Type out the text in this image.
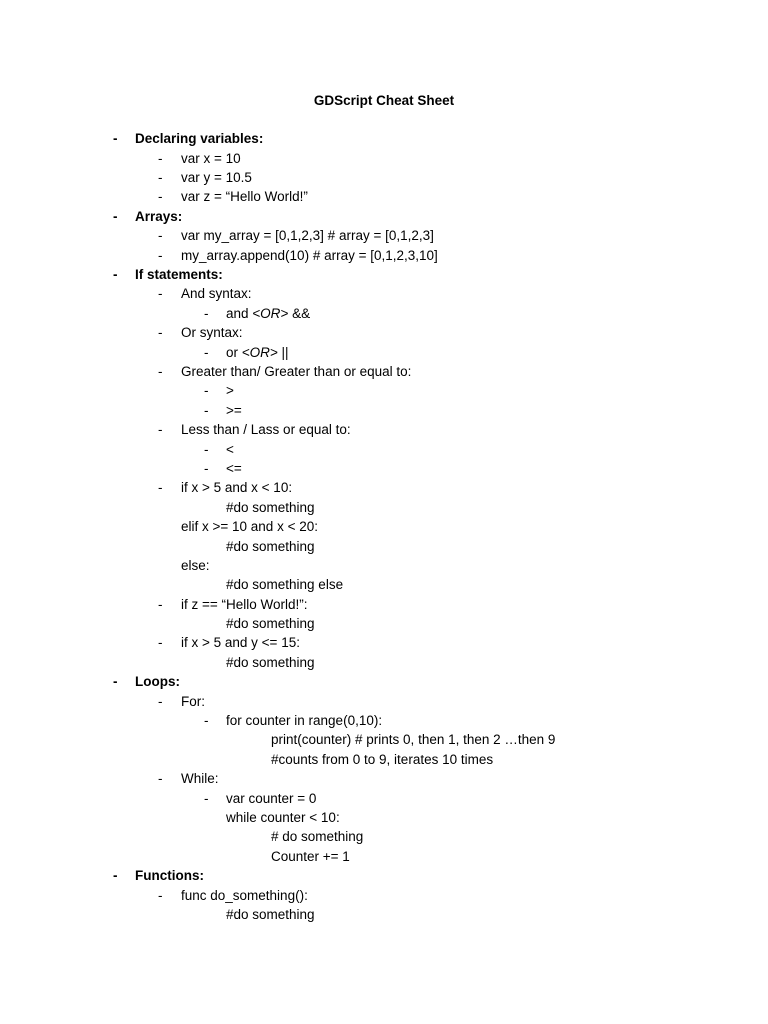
GDScript Cheat Sheet
- Declaring variables:
- var x = 10
- var y = 10.5
- var z = “Hello World!”
- Arrays:
- var my_array = [0,1,2,3] # array = [0,1,2,3]
- my_array.append(10) # array = [0,1,2,3,10]
- If statements:
- And syntax:
- and <OR> &&
- Or syntax:
- or <OR> ||
- Greater than/ Greater than or equal to:
- >
- >=
- Less than / Lass or equal to:
- <
- <=
- if x > 5 and x < 10:
#do something
elif x >= 10 and x < 20:
#do something
else:
#do something else
- if z == “Hello World!”:
#do something
- if x > 5 and y <= 15:
#do something
- Loops:
- For:
- for counter in range(0,10):
print(counter) # prints 0, then 1, then 2 …then 9
#counts from 0 to 9, iterates 10 times
- While:
- var counter = 0
while counter < 10:
# do something
Counter += 1
- Functions:
- func do_something():
#do something
